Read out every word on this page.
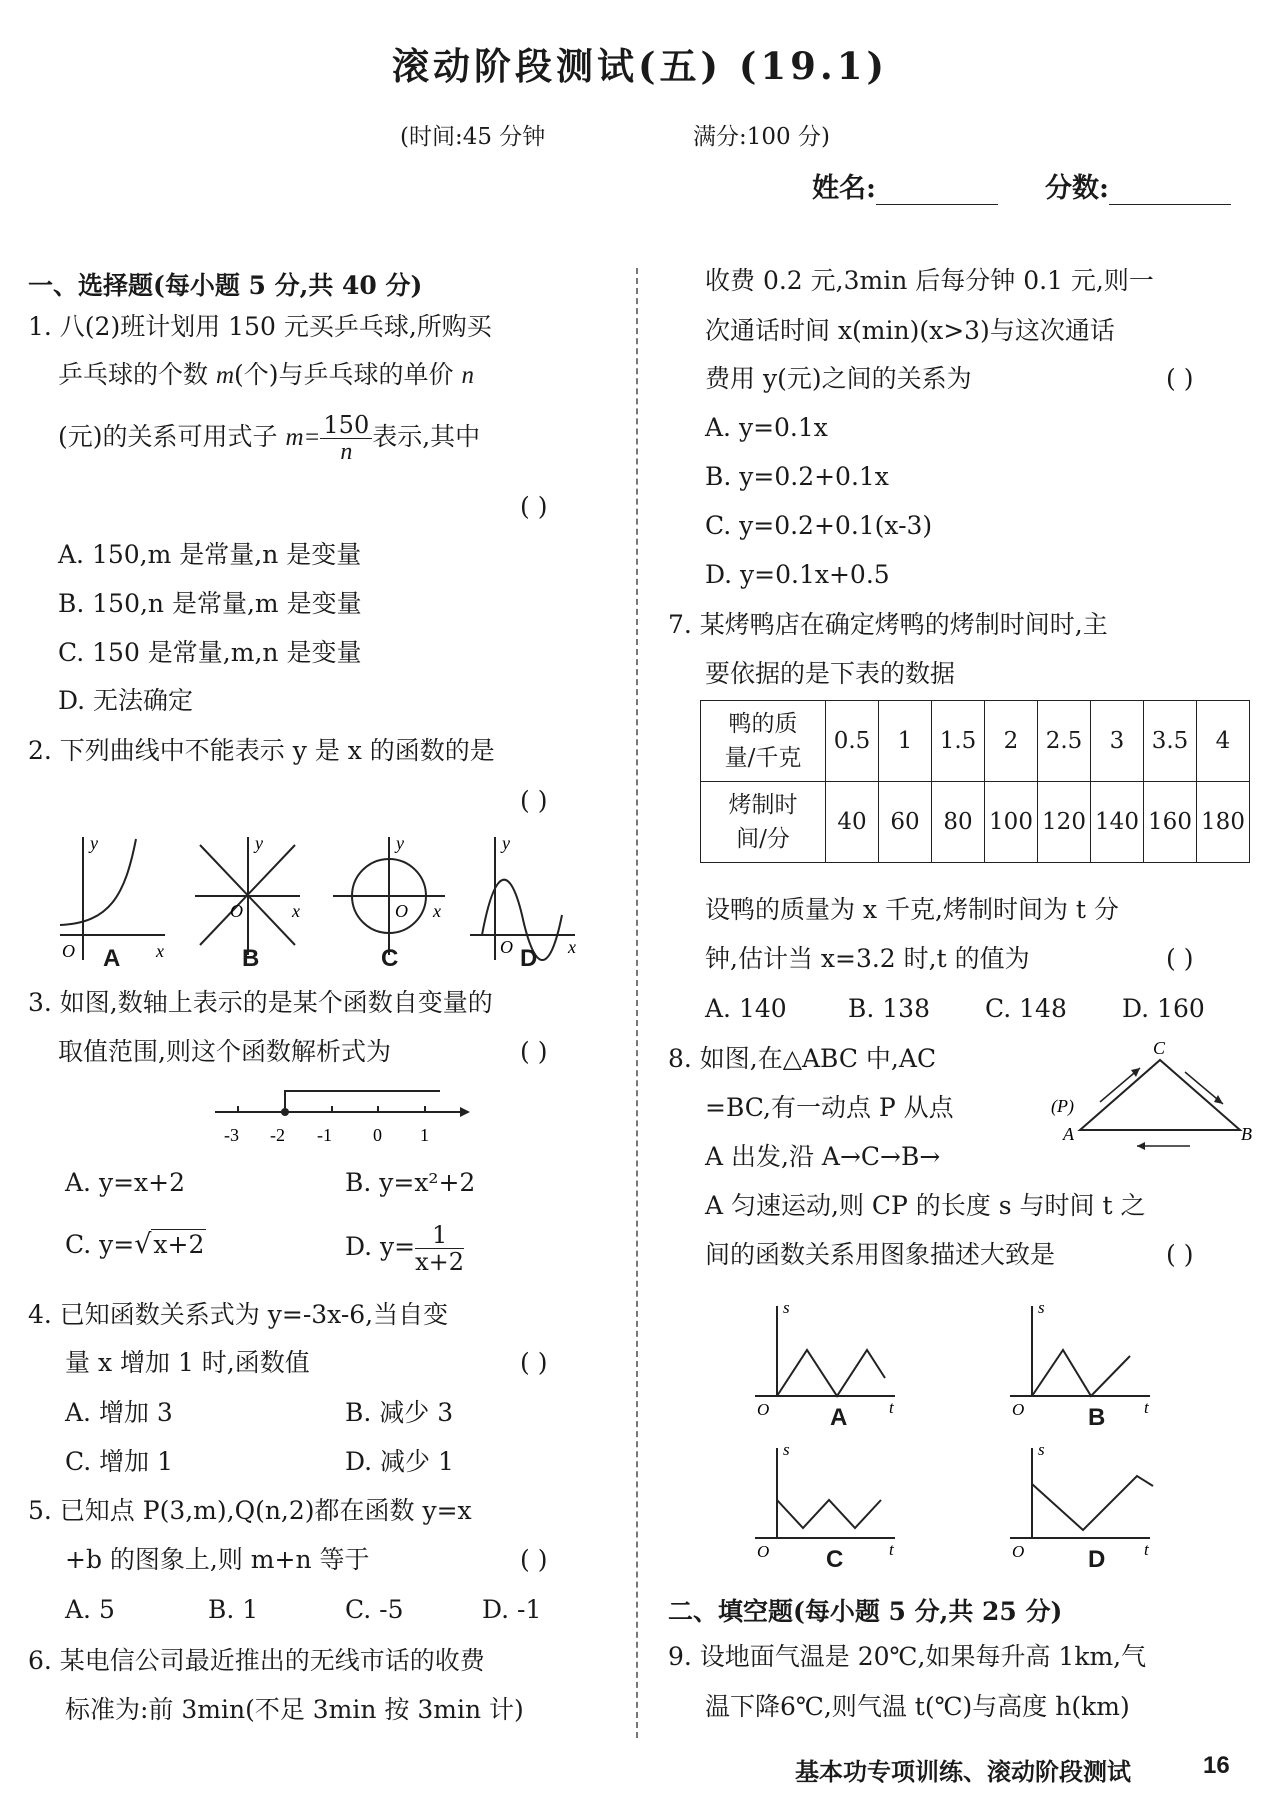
滚动阶段测试(五) (19.1)
(时间:45 分钟	满分:100 分)
姓名:	分数:
一、选择题(每小题 5 分,共 40 分)
1. 八(2)班计划用 150 元买乒乓球,所购买
乒乓球的个数 m(个)与乒乓球的单价 n
(元)的关系可用式子 $m= \frac{150}{n}$ 表示,其中
( )
A. 150,m 是常量,n 是变量
B. 150,n 是常量,m 是变量
C. 150 是常量,m,n 是变量
D. 无法确定
2. 下列曲线中不能表示 y 是 x 的函数的是
( )
y	y	y	y
O
O	O
O
x
x	x
x
A	B	C	D
3. 如图,数轴上表示的是某个函数自变量的
取值范围,则这个函数解析式为	( )
-3 -2 -1 0 1
A. y=x+2	B. y=x²+2
C. y=√x+2	D. $y= \frac{1}{x+2}$
4. 已知函数关系式为 y=-3x-6,当自变
量 x 增加 1 时,函数值	( )
A. 增加 3	B. 减少 3
C. 增加 1	D. 减少 1
5. 已知点 P(3,m),Q(n,2)都在函数 y=x
+b 的图象上,则 m+n 等于	( )
A. 5	B. 1	C. -5	D. -1
6. 某电信公司最近推出的无线市话的收费
标准为:前 3min(不足 3min 按 3min 计)
收费 0.2 元,3min 后每分钟 0.1 元,则一
次通话时间 x(min)(x>3)与这次通话
费用 y(元)之间的关系为	( )
A. y=0.1x
B. y=0.2+0.1x
C. y=0.2+0.1(x-3)
D. y=0.1x+0.5
7. 某烤鸭店在确定烤鸭的烤制时间时,主
要依据的是下表的数据
鸭的质
量/千克	0.5	1	1.5	2	2.5	3	3.5	4
烤制时
间/分	40	60	80	100	120	140	160	180
设鸭的质量为 x 千克,烤制时间为 t 分
钟,估计当 x=3.2 时,t 的值为	( )
A. 140 B. 138 C. 148 D. 160
8. 如图,在△ABC 中,AC
=BC,有一动点 P 从点
A 出发,沿 A→C→B→
A 匀速运动,则 CP 的长度 s 与时间 t 之
间的函数关系用图象描述大致是	( )
C
A	B
(P)
s	s
s	s
O	O
O	O
t	t
t	t
A	B
C	D
二、填空题(每小题 5 分,共 25 分)
9. 设地面气温是 20℃,如果每升高 1km,气
温下降6℃,则气温 t(℃)与高度 h(km)
基本功专项训练、滚动阶段测试	16
